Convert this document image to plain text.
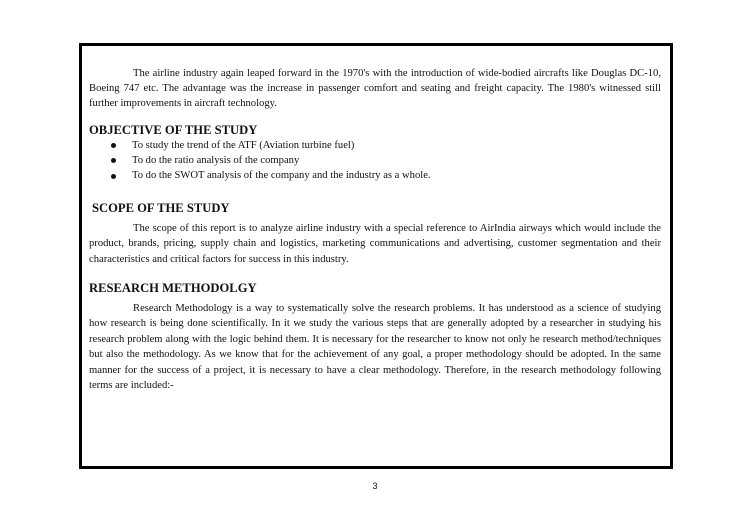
The airline industry again leaped forward in the 1970's with the introduction of wide-bodied aircrafts like Douglas DC-10, Boeing 747 etc. The advantage was the increase in passenger comfort and seating and freight capacity. The 1980's witnessed still further improvements in aircraft technology.

OBJECTIVE OF THE STUDY
To study the trend of the ATF (Aviation turbine fuel)
To do the ratio analysis of the company
To do the SWOT analysis of the company and the industry as a whole.
SCOPE OF THE STUDY

The scope of this report is to analyze airline industry with a special reference to AirIndia airways which would include the product, brands, pricing, supply chain and logistics, marketing communications and advertising, customer segmentation and their characteristics and critical factors for success in this industry.

RESEARCH METHODOLGY

Research Methodology is a way to systematically solve the research problems. It has understood as a science of studying how research is being done scientifically. In it we study the various steps that are generally adopted by a researcher in studying his research problem along with the logic behind them. It is necessary for the researcher to know not only he research method/techniques but also the methodology. As we know that for the achievement of any goal, a proper methodology should be adopted. In the same manner for the success of a project, it is necessary to have a clear methodology. Therefore, in the research methodology following terms are included:-

3
